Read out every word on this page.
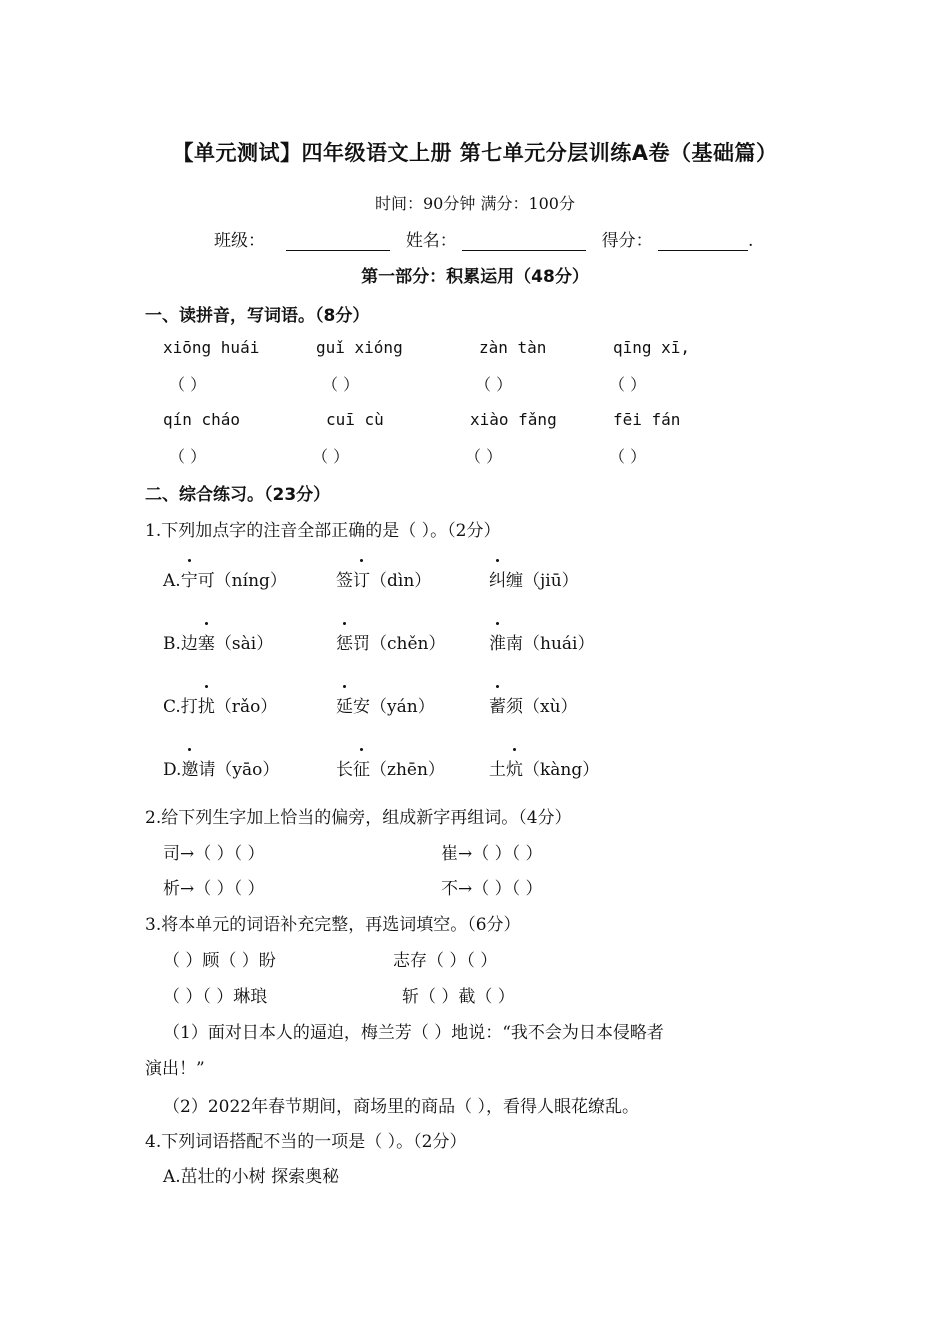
【单元测试】四年级语文上册 第七单元分层训练A卷（基础篇）
时间：90分钟 满分：100分
班级：	姓名：	得分：	.
第一部分：积累运用（48分）
一、读拼音，写词语。（8分）
xiōng huái	guǐ xióng	zàn tàn	qīng xī,
（ ）	（ ）	（ ）	（ ）
qín cháo	cuī cù	xiào fǎng	fēi fán
（ ）	（ ）	（ ）	（ ）
二、综合练习。（23分）
1.下列加点字的注音全部正确的是（ ）。（2分）
A.宁可（níng）	签订（dìn）	纠缠（jiū）
B.边塞（sài）	惩罚（chěn）	淮南（huái）
C.打扰（rǎo）	延安（yán）	蓄须（xù）
D.邀请（yāo）	长征（zhēn）	土炕（kàng）
2.给下列生字加上恰当的偏旁，组成新字再组词。（4分）
司→（ ）（ ）	崔→（ ）（ ）
析→（ ）（ ）	不→（ ）（ ）
3.将本单元的词语补充完整，再选词填空。（6分）
（ ）顾（ ）盼	志存（ ）（ ）
（ ）（ ）琳琅	斩（ ）截（ ）
（1）面对日本人的逼迫，梅兰芳（ ）地说：“我不会为日本侵略者
演出！”
（2）2022年春节期间，商场里的商品（ ），看得人眼花缭乱。
4.下列词语搭配不当的一项是（ ）。（2分）
A.茁壮的小树 探索奥秘
